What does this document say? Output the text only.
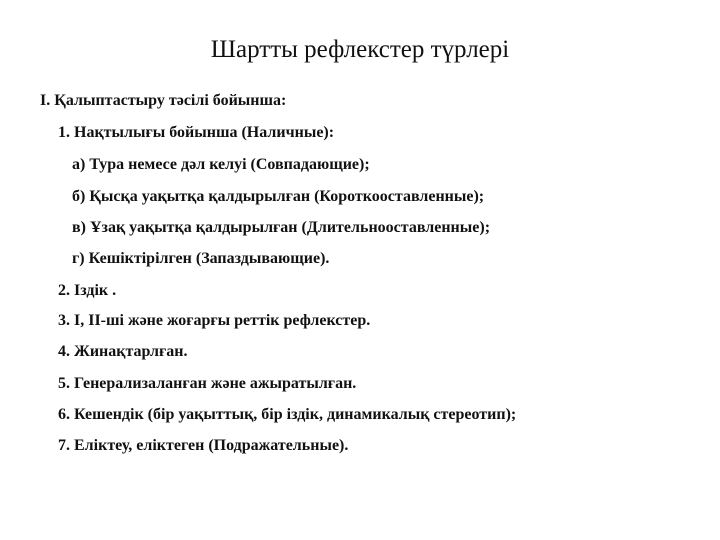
Шартты рефлекстер түрлері
І. Қалыптастыру тәсілі бойынша:
1. Нақтылығы бойынша (Наличные):
а) Тура немесе дәл келуі (Совпадающие);
б) Қысқа уақытқа қалдырылған (Короткооставленные);
в) Ұзақ уақытқа қалдырылған (Длительнооставленные);
г) Кешіктірілген (Запаздывающие).
2. Іздік .
3. І, ІІ-ші және жоғарғы реттік рефлекстер.
4. Жинақтарлған.
5. Генерализаланған және ажыратылған.
6. Кешендік (бір уақыттық, бір іздік, динамикалық стереотип);
7. Еліктеу, еліктеген (Подражательные).
